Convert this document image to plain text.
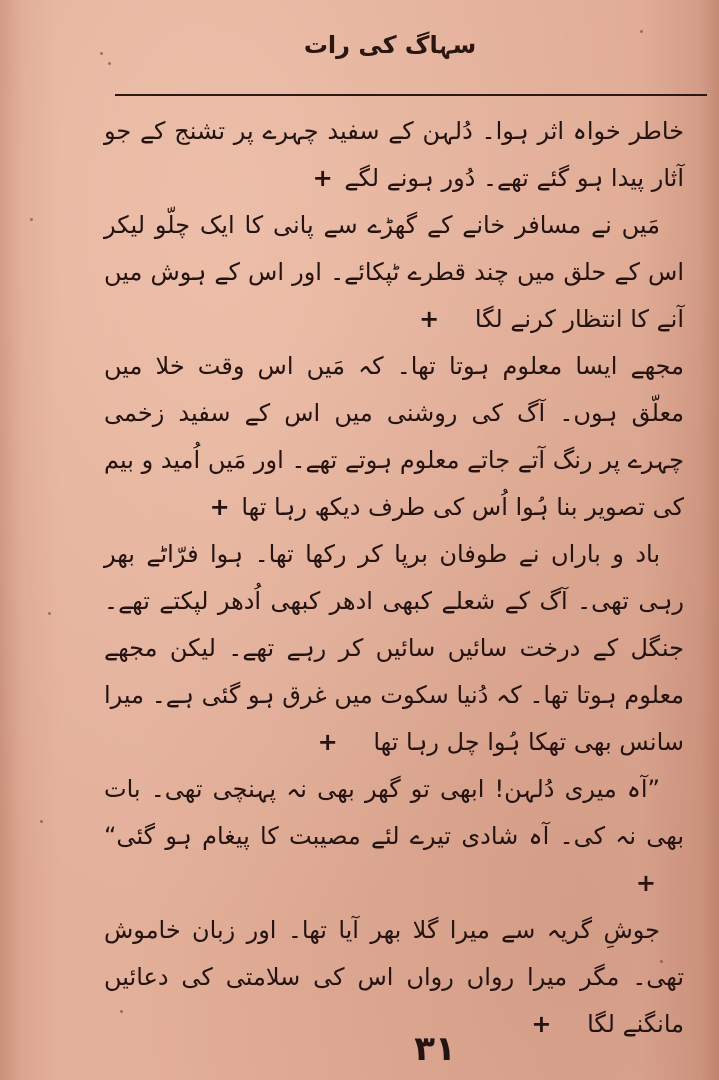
سہاگ کی رات

خاطر خواہ اثر ہوا۔ دُلہن کے سفید چہرے پر تشنج کے جو آثار پیدا ہو گئے تھے۔ دُور ہونے لگے +

مَیں نے مسافر خانے کے گھڑے سے پانی کا ایک چلّو لیکر اس کے حلق میں چند قطرے ٹپکائے۔ اور اس کے ہوش میں آنے کا انتظار کرنے لگا +

مجھے ایسا معلوم ہوتا تھا۔ کہ مَیں اس وقت خلا میں معلّق ہوں۔ آگ کی روشنی میں اس کے سفید زخمی چہرے پر رنگ آتے جاتے معلوم ہوتے تھے۔ اور مَیں اُمید و بیم کی تصویر بنا ہُوا اُس کی طرف دیکھ رہا تھا +

باد و باراں نے طوفان برپا کر رکھا تھا۔ ہوا فرّاٹے بھر رہی تھی۔ آگ کے شعلے کبھی ادھر کبھی اُدھر لپکتے تھے۔ جنگل کے درخت سائیں سائیں کر رہے تھے۔ لیکن مجھے معلوم ہوتا تھا۔ کہ دُنیا سکوت میں غرق ہو گئی ہے۔ میرا سانس بھی تھکا ہُوا چل رہا تھا +

”آہ میری دُلہن! ابھی تو گھر بھی نہ پہنچی تھی۔ بات بھی نہ کی۔ آہ شادی تیرے لئے مصیبت کا پیغام ہو گئی“ +

جوشِ گریہ سے میرا گلا بھر آیا تھا۔ اور زبان خاموش تھی۔ مگر میرا رواں رواں اس کی سلامتی کی دعائیں مانگنے لگا +

۳۱
